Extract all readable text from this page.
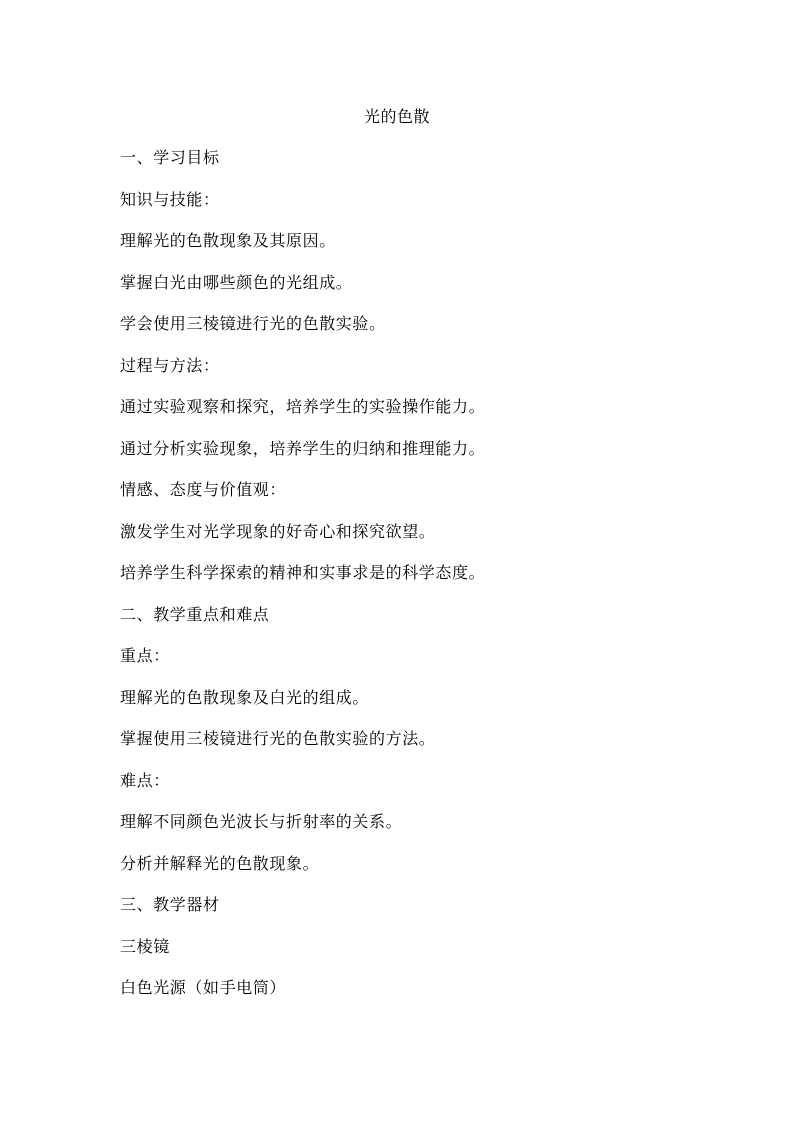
光的色散
一、学习目标
知识与技能：
理解光的色散现象及其原因。
掌握白光由哪些颜色的光组成。
学会使用三棱镜进行光的色散实验。
过程与方法：
通过实验观察和探究，培养学生的实验操作能力。
通过分析实验现象，培养学生的归纳和推理能力。
情感、态度与价值观：
激发学生对光学现象的好奇心和探究欲望。
培养学生科学探索的精神和实事求是的科学态度。
二、教学重点和难点
重点：
理解光的色散现象及白光的组成。
掌握使用三棱镜进行光的色散实验的方法。
难点：
理解不同颜色光波长与折射率的关系。
分析并解释光的色散现象。
三、教学器材
三棱镜
白色光源（如手电筒）
